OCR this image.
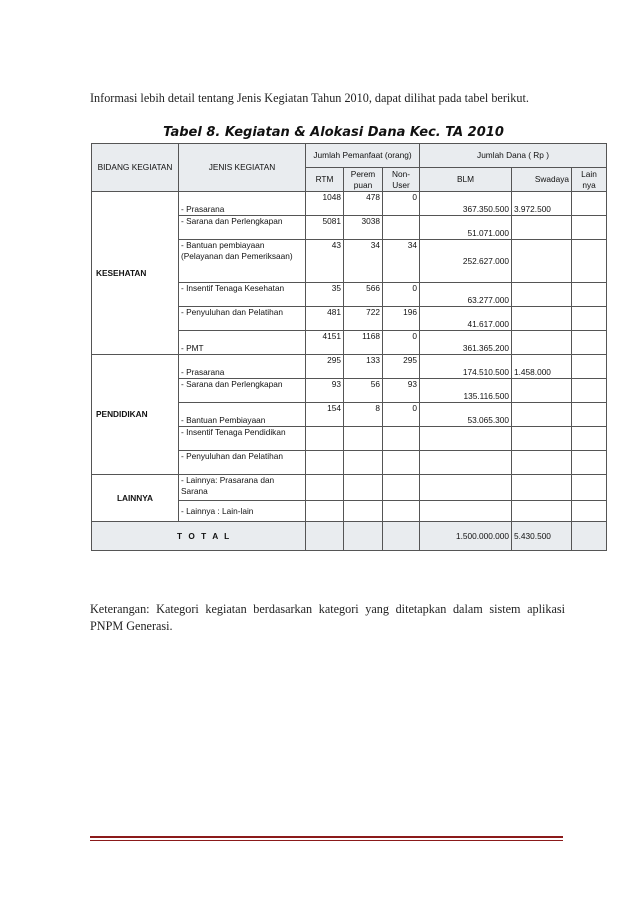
Informasi lebih detail tentang Jenis Kegiatan Tahun 2010, dapat dilihat pada tabel berikut.

Tabel 8. Kegiatan & Alokasi Dana Kec. TA 2010
BIDANG KEGIATAN	JENIS KEGIATAN	Jumlah Pemanfaat (orang)			Jumlah Dana ( Rp )		
		RTM	Perem puan	Non-User	BLM	Swadaya	Lain nya
KESEHATAN	- Prasarana	1048	478	0	367.350.500	3.972.500	
	- Sarana dan Perlengkapan	5081	3038		51.071.000		
	- Bantuan pembiayaan (Pelayanan dan Pemeriksaan)	43	34	34	252.627.000		
	- Insentif Tenaga Kesehatan	35	566	0	63.277.000		
	- Penyuluhan dan Pelatihan	481	722	196	41.617.000		
	- PMT	4151	1168	0	361.365.200		
PENDIDIKAN	- Prasarana	295	133	295	174.510.500	1.458.000	
	- Sarana dan Perlengkapan	93	56	93	135.116.500		
	- Bantuan Pembiayaan	154	8	0	53.065.300		
	- Insentif Tenaga Pendidikan						
	- Penyuluhan dan Pelatihan						
LAINNYA	- Lainnya: Prasarana dan Sarana						
	- Lainnya : Lain-lain						
T O T A L					1.500.000.000	5.430.500	

Keterangan: Kategori kegiatan berdasarkan kategori yang ditetapkan dalam sistem aplikasi PNPM Generasi.
